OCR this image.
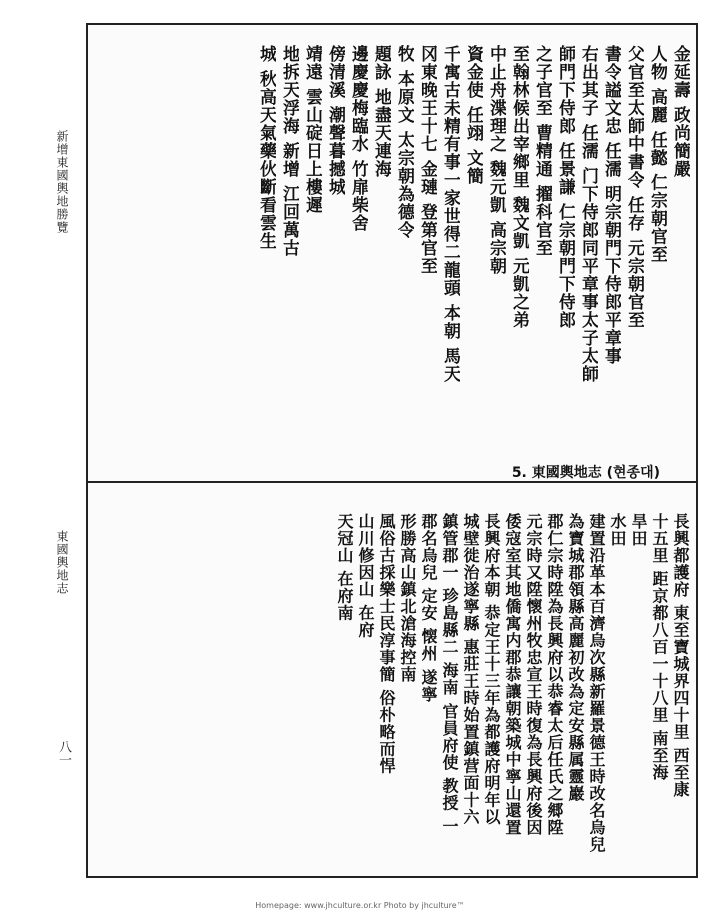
新增東國輿地勝覽
東國輿地志
八一
金延壽 政尚簡嚴
人物 高麗 任懿 仁宗朝官至
父官至太師中書令 任存 元宗朝官至
書令謚文忠 任濡 明宗朝門下侍郎平章事
右出其子 任濡 门下侍郎同平章事太子太師
師門下侍郎 任景謙 仁宗朝門下侍郎
之子官至 曹精通 擢科官至
至翰林候出宰鄉里 魏文凱 元凱之弟
中止舟渫理之 魏元凱 高宗朝
資金使 任翊 文簡
千寓古未精有事一家世得二龍頭 本朝 馬天
冈東晚王十七 金璉 登第官至
牧 本原文 太宗朝為德令
題詠 地盡天連海
邊慶慶梅臨水 竹扉柴舍
傍清溪 潮聲暮撼城
靖遠 雲山碇日上樓遲
地拆天浮海 新增 江回萬古
城 秋高天氣藥伙斷看雲生
長興都護府 東至寶城界四十里 西至康
十五里 距京都八百一十八里 南至海
旱田
水田
建置沿革本百濟烏次縣新羅景德王時改名烏兒
為寶城郡領縣高麗初改為定安縣属靈巖
郡仁宗時陞為長興府以恭睿太后任氏之郷陞
元宗時又陞懷州牧忠宣王時復為長興府後因
倭寇室其地僑寓内郡恭讓朝築城中寧山還置
長興府本朝 恭定王十三年為都護府明年以
城壁徙治遂寧縣 惠莊王時始置鎮营面十六
鎮管郡一 珍島縣二 海南 官員府使 教授 一
郡名烏兒 定安 懐州 遂寧
形勝高山鎮北滄海控南
風俗古採樂士民淳事簡 俗朴略而悍
山川修因山 在府
天冠山 在府南
5. 東國輿地志 (현종대)
Homepage: www.jhculture.or.kr Photo by jhculture™
